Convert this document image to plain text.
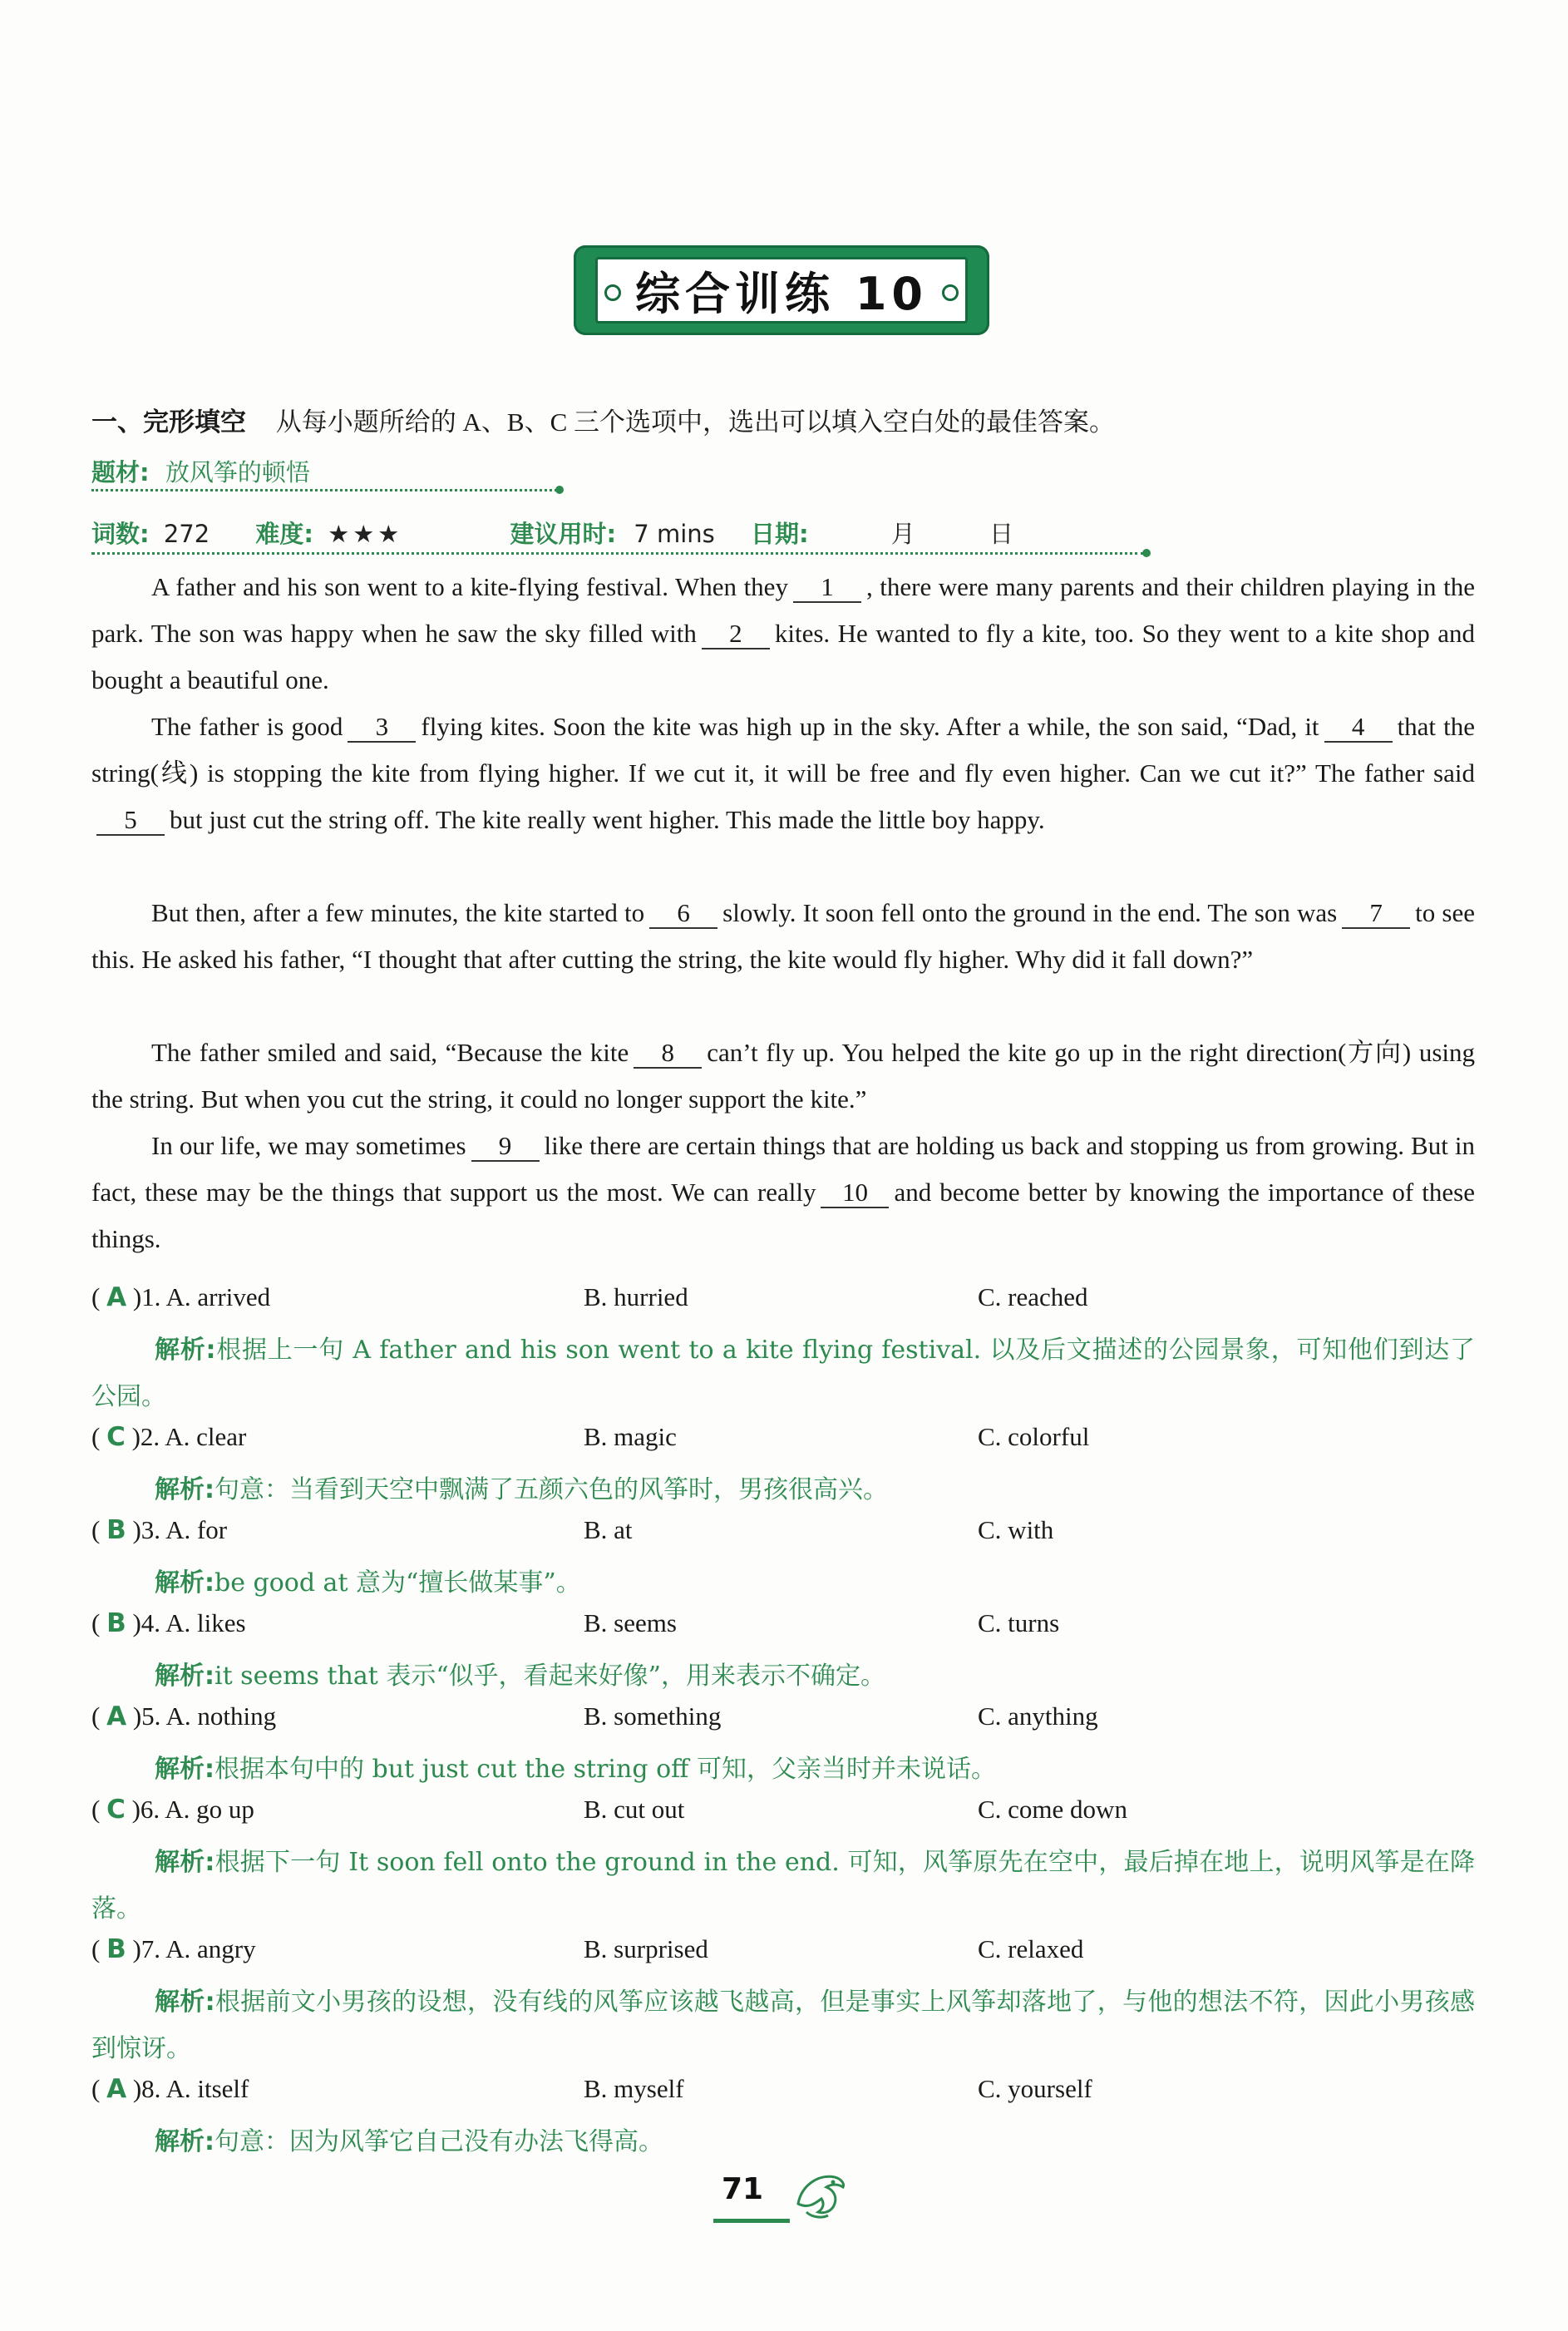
综合训练 10
一、完形填空 从每小题所给的 A、B、C 三个选项中，选出可以填入空白处的最佳答案。
题材: 放风筝的顿悟
词数: 272 难度: ★★★	建议用时: 7 mins 日期:	月	日
A father and his son went to a kite-flying festival. When they 1 , there were many parents and their children playing in the park. The son was happy when he saw the sky filled with 2 kites. He wanted to fly a kite, too. So they went to a kite shop and bought a beautiful one.
The father is good 3 flying kites. Soon the kite was high up in the sky. After a while, the son said, “Dad, it 4 that the string(线) is stopping the kite from flying higher. If we cut it, it will be free and fly even higher. Can we cut it?” The father said5 but just cut the string off. The kite really went higher. This made the little boy happy.
But then, after a few minutes, the kite started to 6 slowly. It soon fell onto the ground in the end. The son was 7 to see this. He asked his father, “I thought that after cutting the string, the kite would fly higher. Why did it fall down?”
The father smiled and said, “Because the kite 8 can’t fly up. You helped the kite go up in the right direction(方向) using the string. But when you cut the string, it could no longer support the kite.”
In our life, we may sometimes 9 like there are certain things that are holding us back and stopping us from growing. But in fact, these may be the things that support us the most. We can really 10 and become better by knowing the importance of these things.
( A )1. A. arrived	B. hurried	C. reached
解析:根据上一句 A father and his son went to a kite flying festival. 以及后文描述的公园景象，可知他们到达了公园。
( C )2. A. clear	B. magic	C. colorful
解析:句意：当看到天空中飘满了五颜六色的风筝时，男孩很高兴。
( B )3. A. for	B. at	C. with
解析:be good at 意为“擅长做某事”。
( B )4. A. likes	B. seems	C. turns
解析:it seems that 表示“似乎，看起来好像”，用来表示不确定。
( A )5. A. nothing	B. something	C. anything
解析:根据本句中的 but just cut the string off 可知，父亲当时并未说话。
( C )6. A. go up	B. cut out	C. come down
解析:根据下一句 It soon fell onto the ground in the end. 可知，风筝原先在空中，最后掉在地上，说明风筝是在降落。
( B )7. A. angry	B. surprised	C. relaxed
解析:根据前文小男孩的设想，没有线的风筝应该越飞越高，但是事实上风筝却落地了，与他的想法不符，因此小男孩感到惊讶。
( A )8. A. itself	B. myself	C. yourself
解析:句意：因为风筝它自己没有办法飞得高。
71
